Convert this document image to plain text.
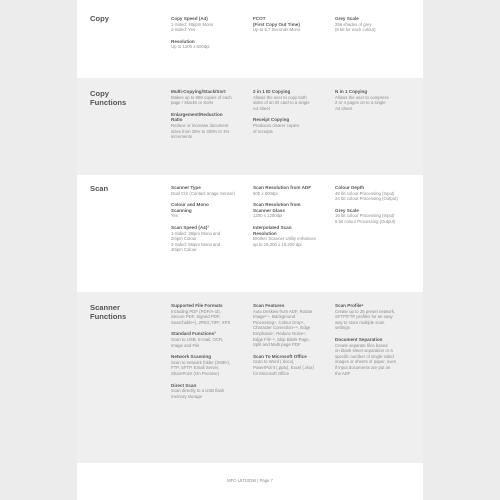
Copy	Copy Speed (A4)
1-Sided: 48ppm Mono
2-Sided: Yes
Resolution
Up to 1200 x 600dpi
FCOT
(First Copy Out Time)
Up to 6.7 Seconds Mono
Grey Scale
256 shades of grey
(8 bit for each colour)
Copy
Functions
Multi-Copying/Stack/Sort
Makes up to 999 copies of each
page / Stacks or Sorts
Enlargement/Reduction
Ratio
Reduce or increase document
sizes from 25% to 400% in 1%
increments
2 in 1 ID Copying
Allows the user to copy both
sides of an ID card to a single
A4 sheet
Receipt Copying
Produces clearer copies
of receipts
N in 1 Copying
Allows the user to compress
2 or 4 pages on to a single
A4 sheet
Scan	Scanner Type
Dual CIS (Contact Image Sensor)
Colour and Mono
Scanning
Yes
Scan Speed (A4)³
1-Sided: 38ipm Mono and
20ipm Colour
2-Sided: 56ipm Mono and
40ipm Colour
Scan Resolution from ADF
600 x 600dpi
Scan Resolution from
Scanner Glass
1200 x 1200dpi
Interpolated Scan
Resolution
Brother Scanner Utility enhances
up to 19,200 x 19,200 dpi
Colour Depth
48 bit colour Processing (Input)
24 bit colour Processing (Output)
Grey Scale
16 bit colour Processing (Input)
8 bit colour Processing (Output)
Scanner
Functions
Supported File Formats
Including PDF (PDF/A-1b,
Secure PDF, Signed PDF,
Searchable⁴), JPEG,TIFF, XPS
Standard Functions³
Scan to USB, E-mail, OCR,
Image and File
Network Scanning
Scan to network folder (SMB⁴),
FTP, SFTP, Email Server,
SharePoint (On Premise)
Direct Scan
Scan directly to a USB flash
memory storage
Scan Features
Auto Deskew from ADF, Rotate
Image³·⁴, Background
Processing⁴, Colour Drop⁴,
Character Correction⁴·⁵, Edge
Emphasis⁴, Reduce Noise⁴,
Edge Fill⁴·⁵, Skip Blank Page,
Split and Multi page PDF
Scan To Microsoft Office
Scan to Word (.docx),
PowerPoint (.pptx), Excel (.xlsx)
for Microsoft Office
Scan Profile⁵
Create up to 25 preset network,
SFTP/FTP profiles for an easy
way to store multiple scan
settings
Document Separation
Create separate files based
on blank sheet separation or a
specific number of single sided
images or sheets of paper, even
if input documents are put on
the ADF
MFC-L5710DW | Page 7
